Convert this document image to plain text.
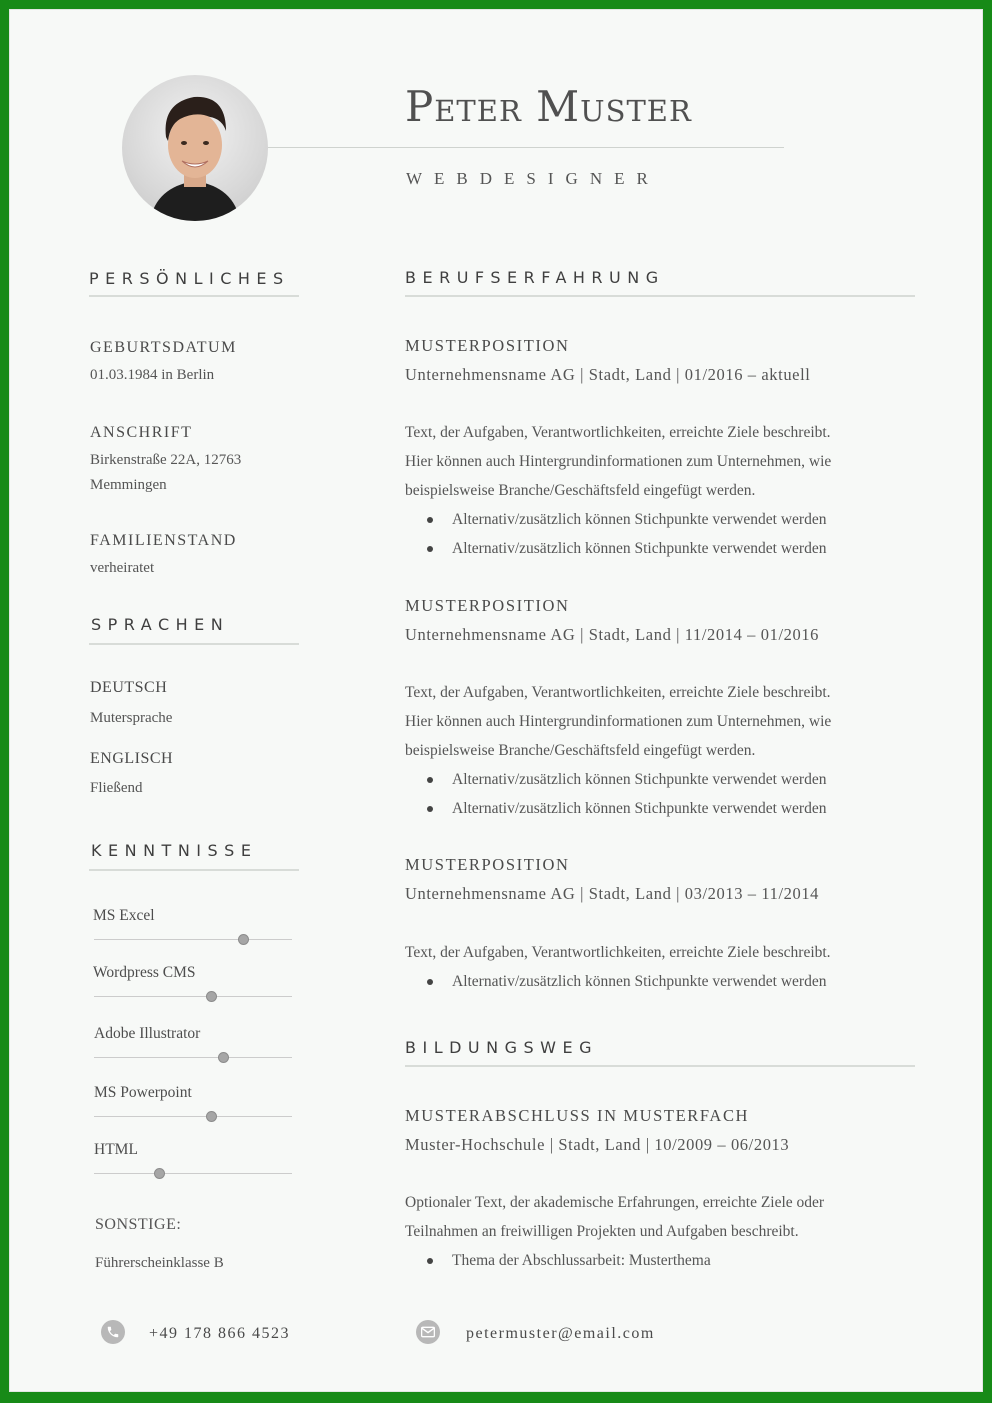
Peter Muster
WEBDESIGNER
PERSÖNLICHES
GEBURTSDATUM
01.03.1984 in Berlin
ANSCHRIFT
Birkenstraße 22A, 12763
Memmingen
FAMILIENSTAND
verheiratet
SPRACHEN
DEUTSCH
Mutersprache
ENGLISCH
Fließend
KENNTNISSE
MS Excel
Wordpress CMS
Adobe Illustrator
MS Powerpoint
HTML
SONSTIGE:
Führerscheinklasse B
BERUFSERFAHRUNG
MUSTERPOSITION
Unternehmensname AG | Stadt, Land | 01/2016 – aktuell
Text, der Aufgaben, Verantwortlichkeiten, erreichte Ziele beschreibt.
Hier können auch Hintergrundinformationen zum Unternehmen, wie
beispielsweise Branche/Geschäftsfeld eingefügt werden.
Alternativ/zusätzlich können Stichpunkte verwendet werden
Alternativ/zusätzlich können Stichpunkte verwendet werden
MUSTERPOSITION
Unternehmensname AG | Stadt, Land | 11/2014 – 01/2016
Text, der Aufgaben, Verantwortlichkeiten, erreichte Ziele beschreibt.
Hier können auch Hintergrundinformationen zum Unternehmen, wie
beispielsweise Branche/Geschäftsfeld eingefügt werden.
Alternativ/zusätzlich können Stichpunkte verwendet werden
Alternativ/zusätzlich können Stichpunkte verwendet werden
MUSTERPOSITION
Unternehmensname AG | Stadt, Land | 03/2013 – 11/2014
Text, der Aufgaben, Verantwortlichkeiten, erreichte Ziele beschreibt.
Alternativ/zusätzlich können Stichpunkte verwendet werden
BILDUNGSWEG
MUSTERABSCHLUSS IN MUSTERFACH
Muster-Hochschule | Stadt, Land | 10/2009 – 06/2013
Optionaler Text, der akademische Erfahrungen, erreichte Ziele oder
Teilnahmen an freiwilligen Projekten und Aufgaben beschreibt.
Thema der Abschlussarbeit: Musterthema
+49 178 866 4523	petermuster@email.com
